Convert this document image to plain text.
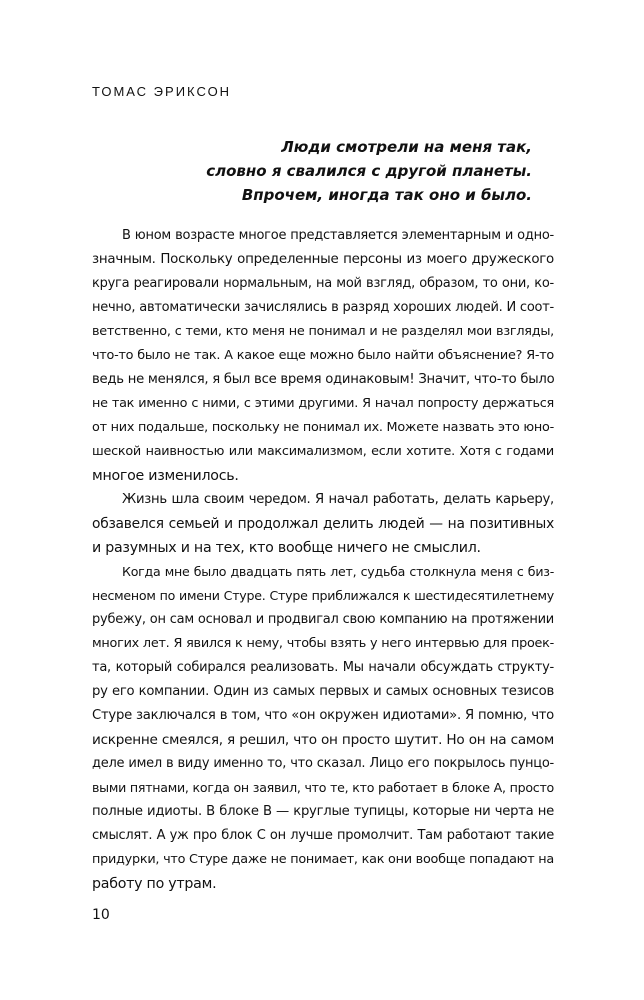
ТОМАС ЭРИКСОН
Люди смотрели на меня так,
словно я свалился с другой планеты.
Впрочем, иногда так оно и было.
В юном возрасте многое представляется элементарным и одно-
значным. Поскольку определенные персоны из моего дружеского
круга реагировали нормальным, на мой взгляд, образом, то они, ко-
нечно, автоматически зачислялись в разряд хороших людей. И соот-
ветственно, с теми, кто меня не понимал и не разделял мои взгляды,
что-то было не так. А какое еще можно было найти объяснение? Я-то
ведь не менялся, я был все время одинаковым! Значит, что-то было
не так именно с ними, с этими другими. Я начал попросту держаться
от них подальше, поскольку не понимал их. Можете назвать это юно-
шеской наивностью или максимализмом, если хотите. Хотя с годами
многое изменилось.
Жизнь шла своим чередом. Я начал работать, делать карьеру,
обзавелся семьей и продолжал делить людей — на позитивных
и разумных и на тех, кто вообще ничего не смыслил.
Когда мне было двадцать пять лет, судьба столкнула меня с биз-
несменом по имени Стуре. Стуре приближался к шестидесятилетнему
рубежу, он сам основал и продвигал свою компанию на протяжении
многих лет. Я явился к нему, чтобы взять у него интервью для проек-
та, который собирался реализовать. Мы начали обсуждать структу-
ру его компании. Один из самых первых и самых основных тезисов
Стуре заключался в том, что «он окружен идиотами». Я помню, что
искренне смеялся, я решил, что он просто шутит. Но он на самом
деле имел в виду именно то, что сказал. Лицо его покрылось пунцо-
выми пятнами, когда он заявил, что те, кто работает в блоке А, просто
полные идиоты. В блоке В — круглые тупицы, которые ни черта не
смыслят. А уж про блок С он лучше промолчит. Там работают такие
придурки, что Стуре даже не понимает, как они вообще попадают на
работу по утрам.
10
